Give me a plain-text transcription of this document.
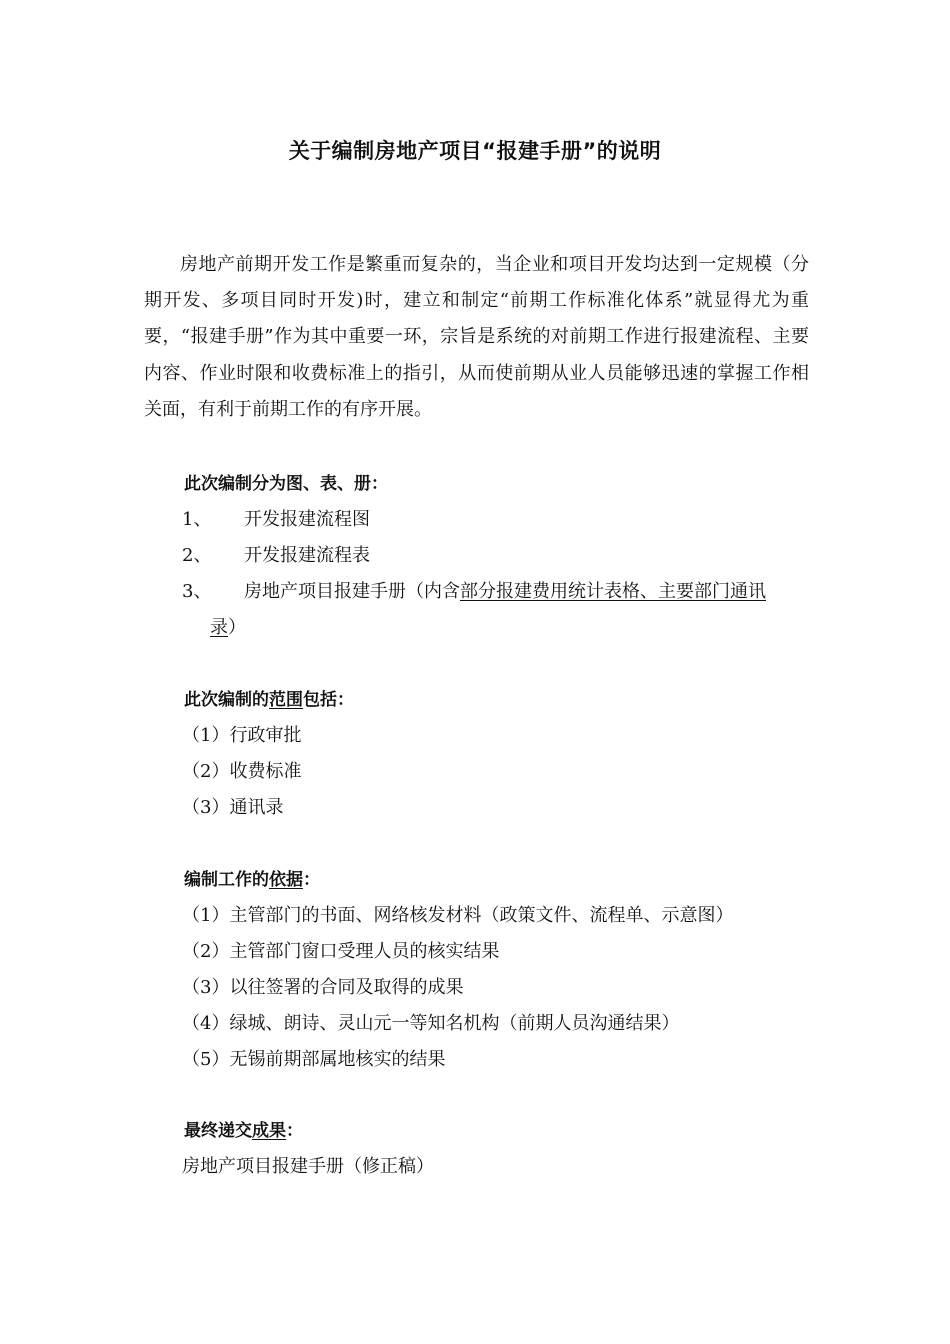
关于编制房地产项目“报建手册”的说明

房地产前期开发工作是繁重而复杂的，当企业和项目开发均达到一定规模（分期开发、多项目同时开发)时，建立和制定“前期工作标准化体系”就显得尤为重要，“报建手册”作为其中重要一环，宗旨是系统的对前期工作进行报建流程、主要内容、作业时限和收费标准上的指引，从而使前期从业人员能够迅速的掌握工作相关面，有利于前期工作的有序开展。

此次编制分为图、表、册：
1、 开发报建流程图
2、 开发报建流程表
3、 房地产项目报建手册（内含部分报建费用统计表格、主要部门通讯
录）
此次编制的范围包括：
（1）行政审批
（2）收费标准
（3）通讯录
编制工作的依据：
（1）主管部门的书面、网络核发材料（政策文件、流程单、示意图）
（2）主管部门窗口受理人员的核实结果
（3）以往签署的合同及取得的成果
（4）绿城、朗诗、灵山元一等知名机构（前期人员沟通结果）
（5）无锡前期部属地核实的结果
最终递交成果：
房地产项目报建手册（修正稿）
